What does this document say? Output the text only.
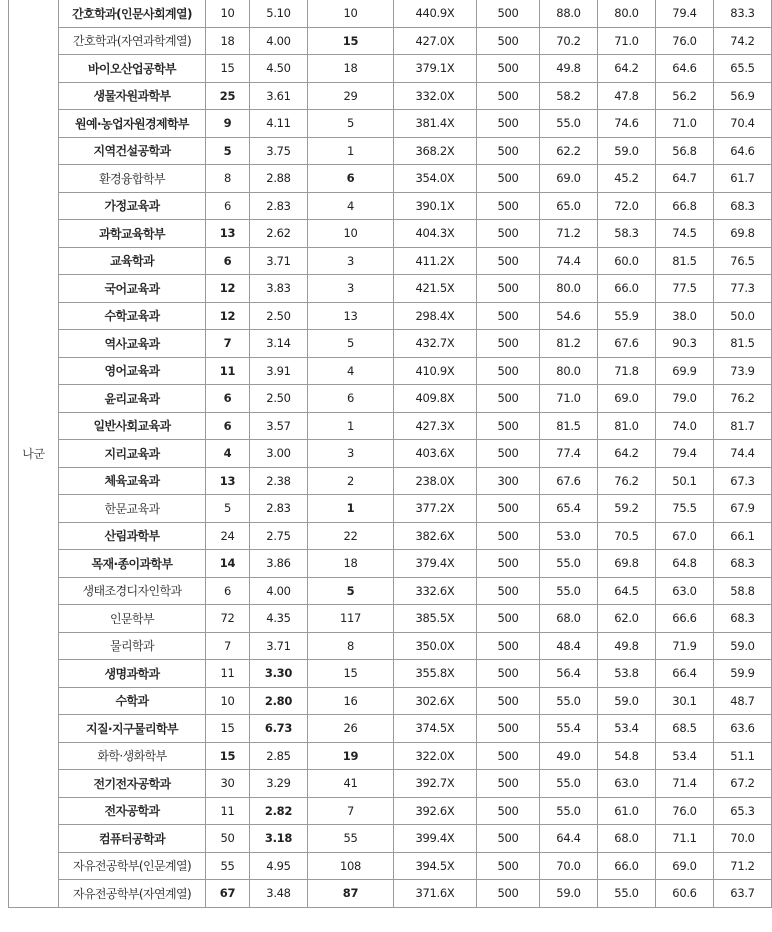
나군	간호학과(인문사회계열)	10	5.10	10	440.9X	500	88.0	80.0	79.4	83.3
	간호학과(자연과학계열)	18	4.00	15	427.0X	500	70.2	71.0	76.0	74.2
	바이오산업공학부	15	4.50	18	379.1X	500	49.8	64.2	64.6	65.5
	생물자원과학부	25	3.61	29	332.0X	500	58.2	47.8	56.2	56.9
	원예·농업자원경제학부	9	4.11	5	381.4X	500	55.0	74.6	71.0	70.4
	지역건설공학과	5	3.75	1	368.2X	500	62.2	59.0	56.8	64.6
	환경융합학부	8	2.88	6	354.0X	500	69.0	45.2	64.7	61.7
	가정교육과	6	2.83	4	390.1X	500	65.0	72.0	66.8	68.3
	과학교육학부	13	2.62	10	404.3X	500	71.2	58.3	74.5	69.8
	교육학과	6	3.71	3	411.2X	500	74.4	60.0	81.5	76.5
	국어교육과	12	3.83	3	421.5X	500	80.0	66.0	77.5	77.3
	수학교육과	12	2.50	13	298.4X	500	54.6	55.9	38.0	50.0
	역사교육과	7	3.14	5	432.7X	500	81.2	67.6	90.3	81.5
	영어교육과	11	3.91	4	410.9X	500	80.0	71.8	69.9	73.9
	윤리교육과	6	2.50	6	409.8X	500	71.0	69.0	79.0	76.2
	일반사회교육과	6	3.57	1	427.3X	500	81.5	81.0	74.0	81.7
	지리교육과	4	3.00	3	403.6X	500	77.4	64.2	79.4	74.4
	체육교육과	13	2.38	2	238.0X	300	67.6	76.2	50.1	67.3
	한문교육과	5	2.83	1	377.2X	500	65.4	59.2	75.5	67.9
	산림과학부	24	2.75	22	382.6X	500	53.0	70.5	67.0	66.1
	목재·종이과학부	14	3.86	18	379.4X	500	55.0	69.8	64.8	68.3
	생태조경디자인학과	6	4.00	5	332.6X	500	55.0	64.5	63.0	58.8
	인문학부	72	4.35	117	385.5X	500	68.0	62.0	66.6	68.3
	물리학과	7	3.71	8	350.0X	500	48.4	49.8	71.9	59.0
	생명과학과	11	3.30	15	355.8X	500	56.4	53.8	66.4	59.9
	수학과	10	2.80	16	302.6X	500	55.0	59.0	30.1	48.7
	지질·지구물리학부	15	6.73	26	374.5X	500	55.4	53.4	68.5	63.6
	화학·생화학부	15	2.85	19	322.0X	500	49.0	54.8	53.4	51.1
	전기전자공학과	30	3.29	41	392.7X	500	55.0	63.0	71.4	67.2
	전자공학과	11	2.82	7	392.6X	500	55.0	61.0	76.0	65.3
	컴퓨터공학과	50	3.18	55	399.4X	500	64.4	68.0	71.1	70.0
	자유전공학부(인문계열)	55	4.95	108	394.5X	500	70.0	66.0	69.0	71.2
	자유전공학부(자연계열)	67	3.48	87	371.6X	500	59.0	55.0	60.6	63.7
